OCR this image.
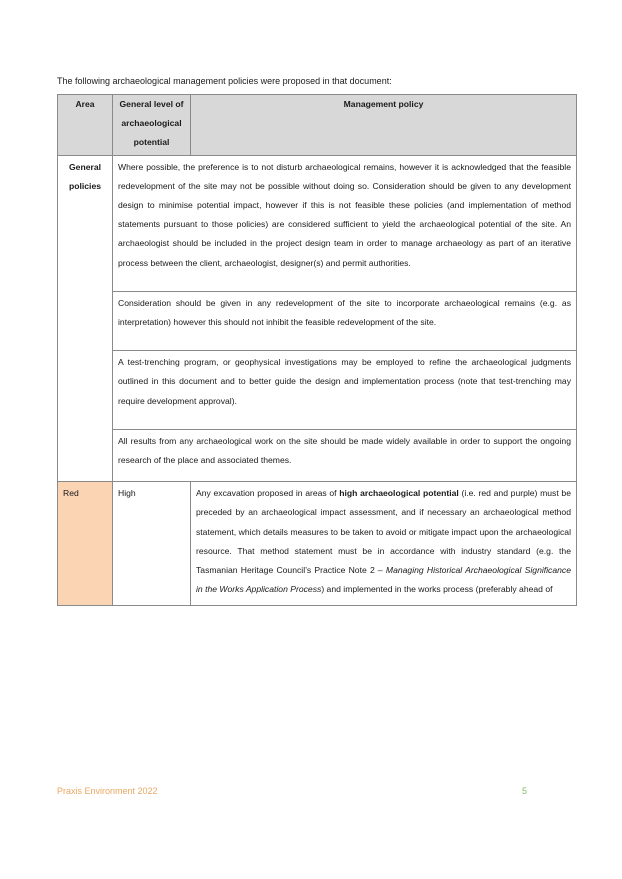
The following archaeological management policies were proposed in that document:
Area	General level of archaeological potential	Management policy
General policies	Where possible, the preference is to not disturb archaeological remains, however it is acknowledged that the feasible redevelopment of the site may not be possible without doing so. Consideration should be given to any development design to minimise potential impact, however if this is not feasible these policies (and implementation of method statements pursuant to those policies) are considered sufficient to yield the archaeological potential of the site. An archaeologist should be included in the project design team in order to manage archaeology as part of an iterative process between the client, archaeologist, designer(s) and permit authorities.	
	Consideration should be given in any redevelopment of the site to incorporate archaeological remains (e.g. as interpretation) however this should not inhibit the feasible redevelopment of the site.	
	A test-trenching program, or geophysical investigations may be employed to refine the archaeological judgments outlined in this document and to better guide the design and implementation process (note that test-trenching may require development approval).	
	All results from any archaeological work on the site should be made widely available in order to support the ongoing research of the place and associated themes.	
Red	High	Any excavation proposed in areas of high archaeological potential (i.e. red and purple) must be preceded by an archaeological impact assessment, and if necessary an archaeological method statement, which details measures to be taken to avoid or mitigate impact upon the archaeological resource. That method statement must be in accordance with industry standard (e.g. the Tasmanian Heritage Council’s Practice Note 2 – Managing Historical Archaeological Significance in the Works Application Process) and implemented in the works process (preferably ahead of
Praxis Environment 2022	5
